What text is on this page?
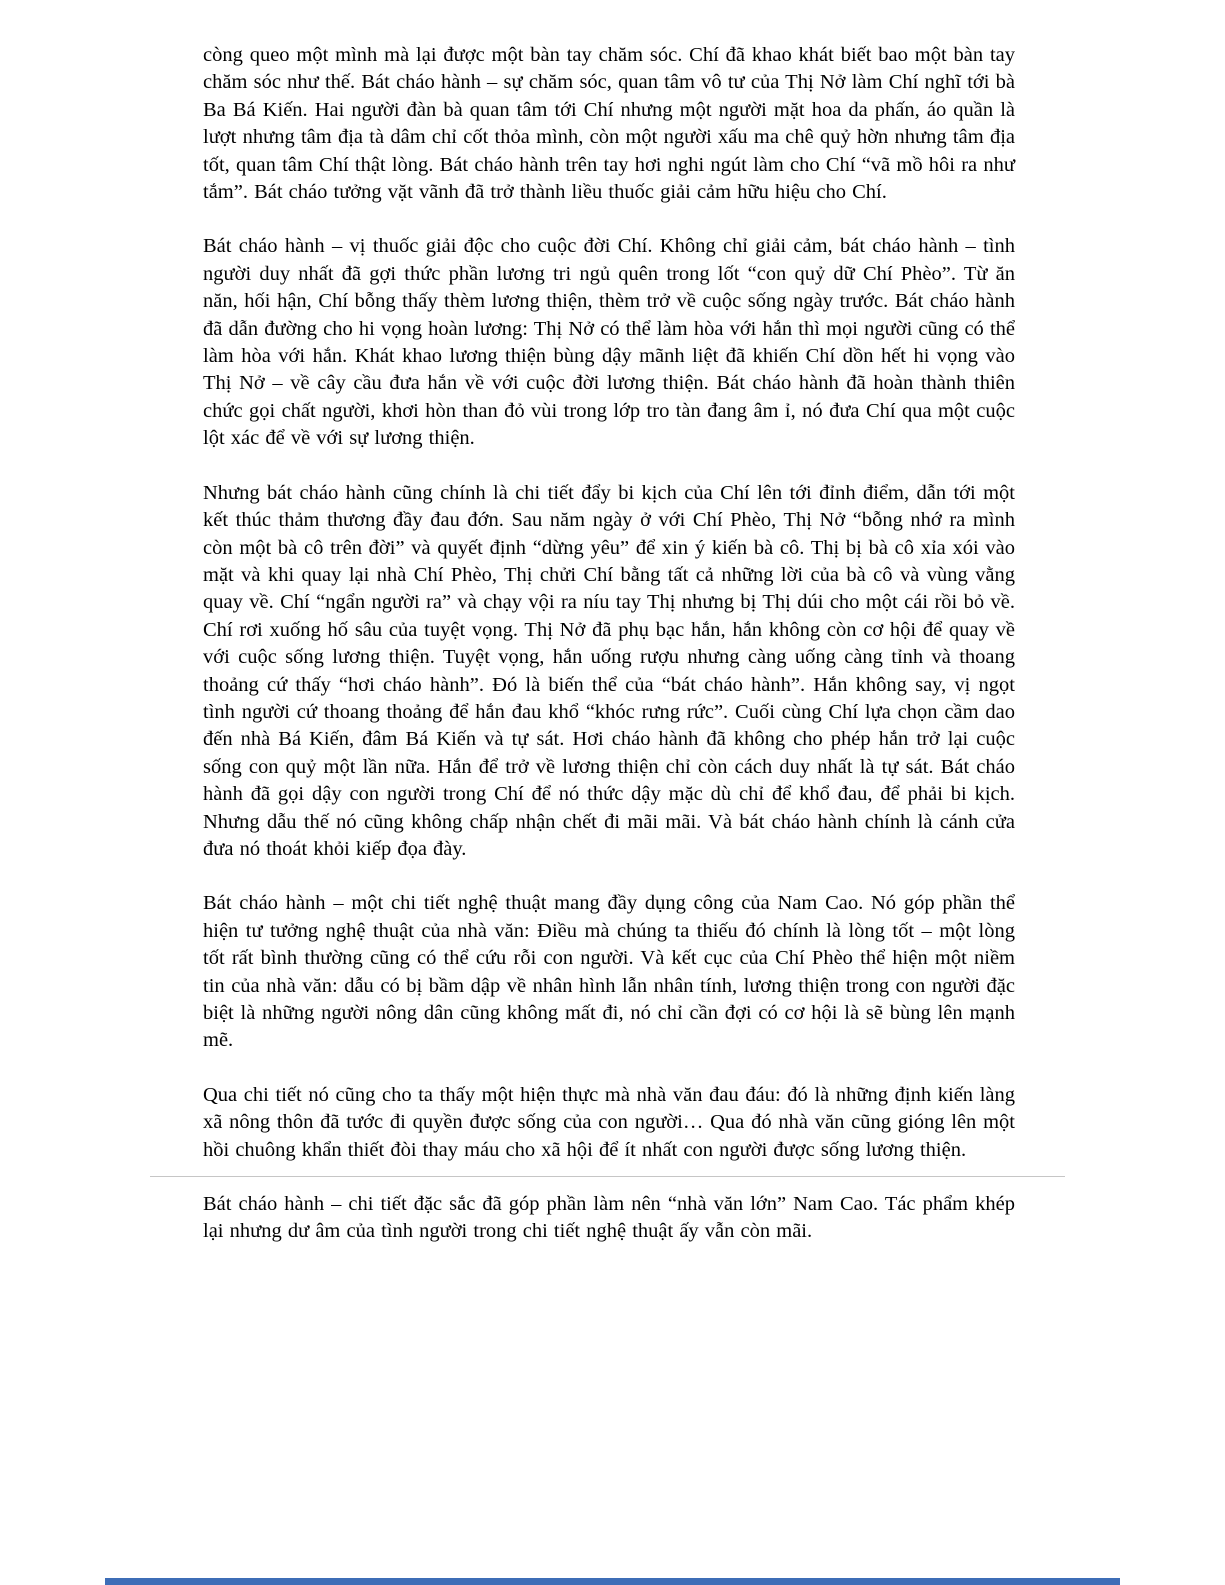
còng queo một mình mà lại được một bàn tay chăm sóc. Chí đã khao khát biết bao một bàn tay chăm sóc như thế. Bát cháo hành – sự chăm sóc, quan tâm vô tư của Thị Nở làm Chí nghĩ tới bà Ba Bá Kiến. Hai người đàn bà quan tâm tới Chí nhưng một người mặt hoa da phấn, áo quần là lượt nhưng tâm địa tà dâm chỉ cốt thỏa mình, còn một người xấu ma chê quỷ hờn nhưng tâm địa tốt, quan tâm Chí thật lòng. Bát cháo hành trên tay hơi nghi ngút làm cho Chí “vã mồ hôi ra như tắm”. Bát cháo tưởng vặt vãnh đã trở thành liều thuốc giải cảm hữu hiệu cho Chí.

Bát cháo hành – vị thuốc giải độc cho cuộc đời Chí. Không chỉ giải cảm, bát cháo hành – tình người duy nhất đã gợi thức phần lương tri ngủ quên trong lốt “con quỷ dữ Chí Phèo”. Từ ăn năn, hối hận, Chí bỗng thấy thèm lương thiện, thèm trở về cuộc sống ngày trước. Bát cháo hành đã dẫn đường cho hi vọng hoàn lương: Thị Nở có thể làm hòa với hắn thì mọi người cũng có thể làm hòa với hắn. Khát khao lương thiện bùng dậy mãnh liệt đã khiến Chí dồn hết hi vọng vào Thị Nở – về cây cầu đưa hắn về với cuộc đời lương thiện. Bát cháo hành đã hoàn thành thiên chức gọi chất người, khơi hòn than đỏ vùi trong lớp tro tàn đang âm ỉ, nó đưa Chí qua một cuộc lột xác để về với sự lương thiện.

Nhưng bát cháo hành cũng chính là chi tiết đẩy bi kịch của Chí lên tới đỉnh điểm, dẫn tới một kết thúc thảm thương đầy đau đớn. Sau năm ngày ở với Chí Phèo, Thị Nở “bỗng nhớ ra mình còn một bà cô trên đời” và quyết định “dừng yêu” để xin ý kiến bà cô. Thị bị bà cô xỉa xói vào mặt và khi quay lại nhà Chí Phèo, Thị chửi Chí bằng tất cả những lời của bà cô và vùng vằng quay về. Chí “ngẩn người ra” và chạy vội ra níu tay Thị nhưng bị Thị dúi cho một cái rồi bỏ về. Chí rơi xuống hố sâu của tuyệt vọng. Thị Nở đã phụ bạc hắn, hắn không còn cơ hội để quay về với cuộc sống lương thiện. Tuyệt vọng, hắn uống rượu nhưng càng uống càng tỉnh và thoang thoảng cứ thấy “hơi cháo hành”. Đó là biến thể của “bát cháo hành”. Hắn không say, vị ngọt tình người cứ thoang thoảng để hắn đau khổ “khóc rưng rức”. Cuối cùng Chí lựa chọn cầm dao đến nhà Bá Kiến, đâm Bá Kiến và tự sát. Hơi cháo hành đã không cho phép hắn trở lại cuộc sống con quỷ một lần nữa. Hắn để trở về lương thiện chỉ còn cách duy nhất là tự sát. Bát cháo hành đã gọi dậy con người trong Chí để nó thức dậy mặc dù chỉ để khổ đau, để phải bi kịch. Nhưng dẫu thế nó cũng không chấp nhận chết đi mãi mãi. Và bát cháo hành chính là cánh cửa đưa nó thoát khỏi kiếp đọa đày.

Bát cháo hành – một chi tiết nghệ thuật mang đầy dụng công của Nam Cao. Nó góp phần thể hiện tư tưởng nghệ thuật của nhà văn: Điều mà chúng ta thiếu đó chính là lòng tốt – một lòng tốt rất bình thường cũng có thể cứu rỗi con người. Và kết cục của Chí Phèo thể hiện một niềm tin của nhà văn: dẫu có bị bầm dập về nhân hình lẫn nhân tính, lương thiện trong con người đặc biệt là những người nông dân cũng không mất đi, nó chỉ cần đợi có cơ hội là sẽ bùng lên mạnh mẽ.

Qua chi tiết nó cũng cho ta thấy một hiện thực mà nhà văn đau đáu: đó là những định kiến làng xã nông thôn đã tước đi quyền được sống của con người… Qua đó nhà văn cũng gióng lên một hồi chuông khẩn thiết đòi thay máu cho xã hội để ít nhất con người được sống lương thiện.

Bát cháo hành – chi tiết đặc sắc đã góp phần làm nên “nhà văn lớn” Nam Cao. Tác phẩm khép lại nhưng dư âm của tình người trong chi tiết nghệ thuật ấy vẫn còn mãi.
